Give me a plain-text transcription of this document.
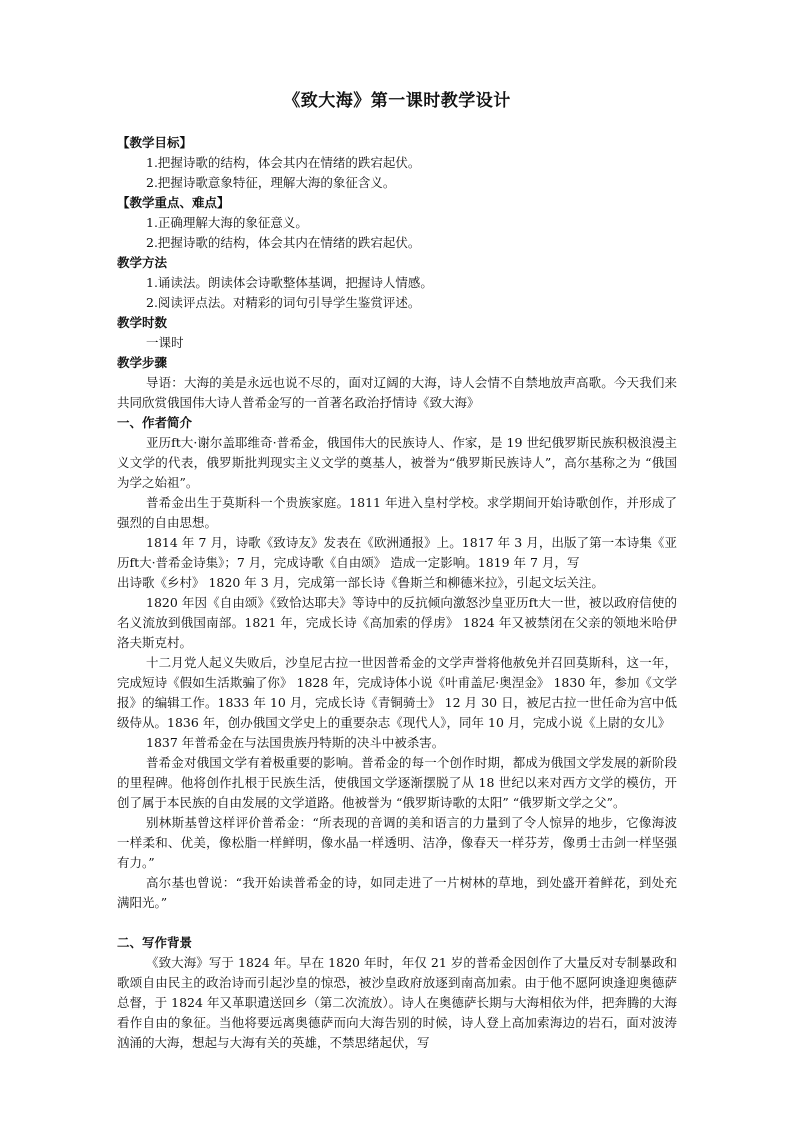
《致大海》第一课时教学设计
【教学目标】
1.把握诗歌的结构，体会其内在情绪的跌宕起伏。
2.把握诗歌意象特征，理解大海的象征含义。
【教学重点、难点】
1.正确理解大海的象征意义。
2.把握诗歌的结构，体会其内在情绪的跌宕起伏。
教学方法
1.诵读法。朗读体会诗歌整体基调，把握诗人情感。
2.阅读评点法。对精彩的词句引导学生鉴赏评述。
教学时数
一课时
教学步骤
导语：大海的美是永远也说不尽的，面对辽阔的大海，诗人会情不自禁地放声高歌。今天我们来共同欣赏俄国伟大诗人普希金写的一首著名政治抒情诗《致大海》
一、作者简介
亚历ft大·谢尔盖耶维奇·普希金，俄国伟大的民族诗人、作家，是 19 世纪俄罗斯民族积极浪漫主义文学的代表，俄罗斯批判现实主义文学的奠基人，被誉为“俄罗斯民族诗人”，高尔基称之为 “俄国为学之始祖”。
普希金出生于莫斯科一个贵族家庭。1811 年进入皇村学校。求学期间开始诗歌创作，并形成了强烈的自由思想。
1814 年 7 月，诗歌《致诗友》发表在《欧洲通报》上。1817 年 3 月，出版了第一本诗集《亚历ft大·普希金诗集》；7 月，完成诗歌《自由颂》 造成一定影响。1819 年 7 月，写
出诗歌《乡村》 1820 年 3 月，完成第一部长诗《鲁斯兰和柳德米拉》，引起文坛关注。
1820 年因《自由颂》《致恰达耶夫》等诗中的反抗倾向激怒沙皇亚历ft大一世，被以政府信使的名义流放到俄国南部。1821 年，完成长诗《高加索的俘虏》 1824 年又被禁闭在父亲的领地米哈伊洛夫斯克村。
十二月党人起义失败后，沙皇尼古拉一世因普希金的文学声誉将他赦免并召回莫斯科，这一年，完成短诗《假如生活欺骗了你》 1828 年，完成诗体小说《叶甫盖尼·奥涅金》 1830 年，参加《文学报》的编辑工作。1833 年 10 月，完成长诗《青铜骑士》 12 月 30 日，被尼古拉一世任命为宫中低级侍从。1836 年，创办俄国文学史上的重要杂志《现代人》，同年 10 月，完成小说《上尉的女儿》
1837 年普希金在与法国贵族丹特斯的决斗中被杀害。
普希金对俄国文学有着极重要的影响。普希金的每一个创作时期，都成为俄国文学发展的新阶段的里程碑。他将创作扎根于民族生活，使俄国文学逐渐摆脱了从 18 世纪以来对西方文学的模仿，开创了属于本民族的自由发展的文学道路。他被誉为 “俄罗斯诗歌的太阳” “俄罗斯文学之父”。
别林斯基曾这样评价普希金：“所表现的音调的美和语言的力量到了令人惊异的地步，它像海波一样柔和、优美，像松脂一样鲜明，像水晶一样透明、洁净，像春天一样芬芳，像勇士击剑一样坚强有力。”
高尔基也曾说：“我开始读普希金的诗，如同走进了一片树林的草地，到处盛开着鲜花，到处充满阳光。”
二、写作背景
《致大海》写于 1824 年。早在 1820 年时，年仅 21 岁的普希金因创作了大量反对专制暴政和歌颂自由民主的政治诗而引起沙皇的惊恐，被沙皇政府放逐到南高加索。由于他不愿阿谀逢迎奥德萨总督，于 1824 年又革职遣送回乡（第二次流放）。诗人在奥德萨长期与大海相依为伴，把奔腾的大海看作自由的象征。当他将要远离奥德萨而向大海告别的时候，诗人登上高加索海边的岩石，面对波涛汹涌的大海，想起与大海有关的英雄，不禁思绪起伏，写
